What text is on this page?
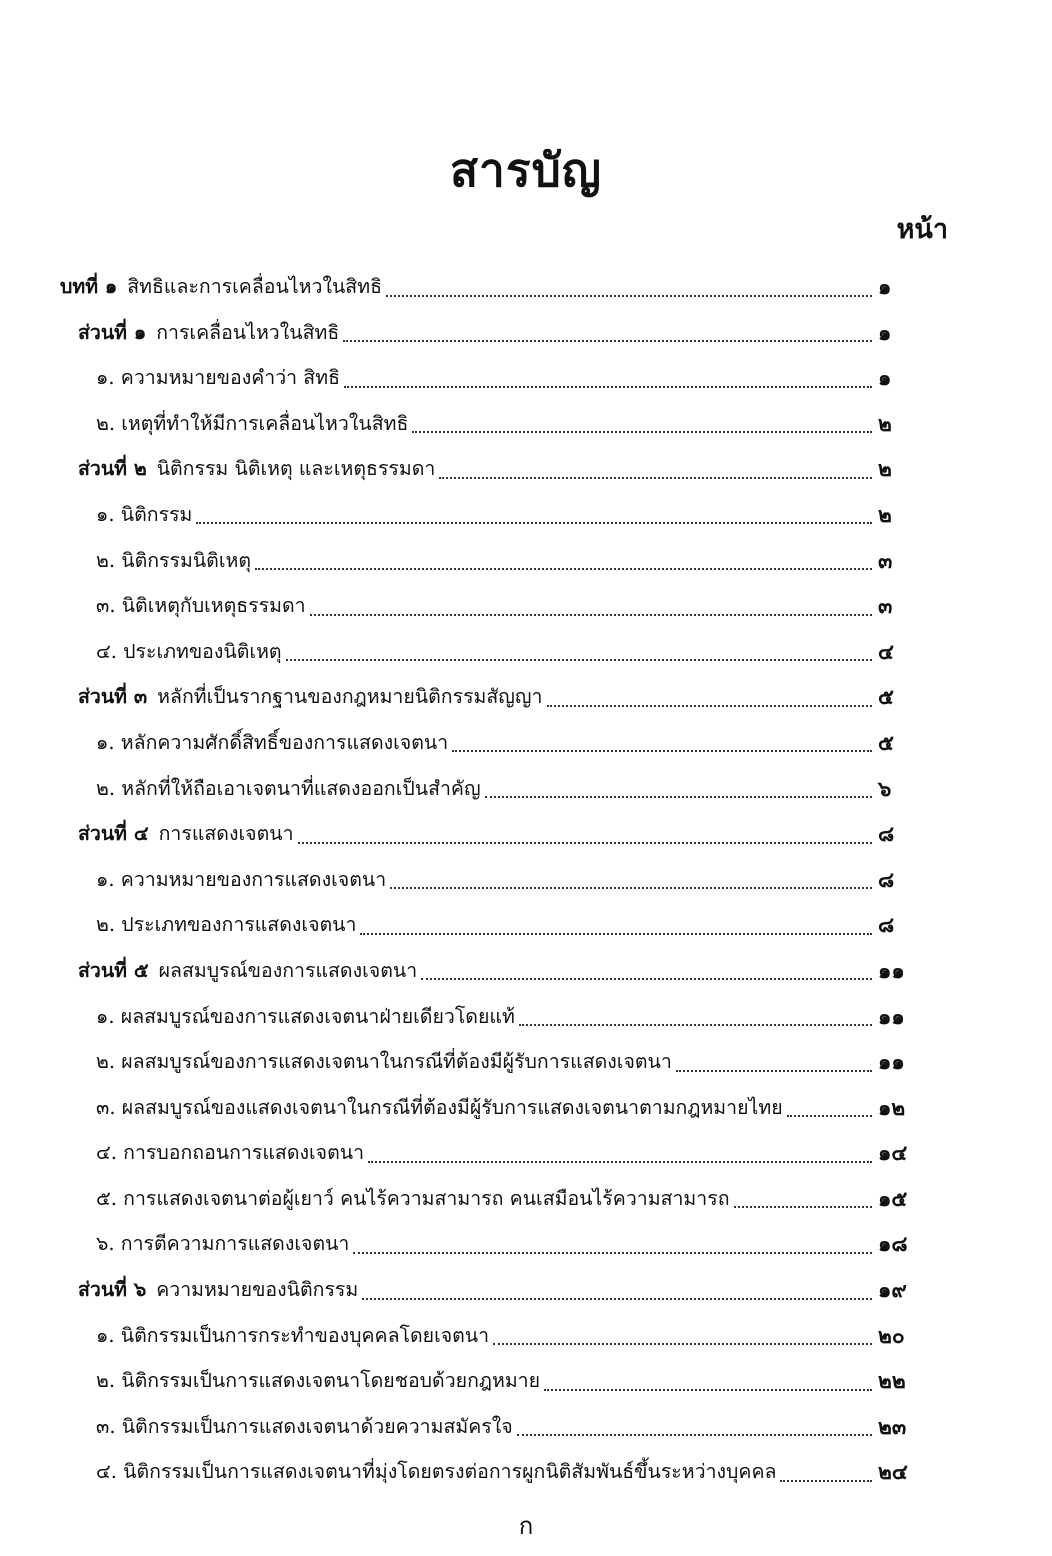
สารบัญ
หน้า
บทที่ ๑ สิทธิและการเคลื่อนไหวในสิทธิ	๑
ส่วนที่ ๑ การเคลื่อนไหวในสิทธิ	๑
๑. ความหมายของคำว่า สิทธิ	๑
๒. เหตุที่ทำให้มีการเคลื่อนไหวในสิทธิ	๒
ส่วนที่ ๒ นิติกรรม นิติเหตุ และเหตุธรรมดา	๒
๑. นิติกรรม	๒
๒. นิติกรรมนิติเหตุ	๓
๓. นิติเหตุกับเหตุธรรมดา	๓
๔. ประเภทของนิติเหตุ	๔
ส่วนที่ ๓ หลักที่เป็นรากฐานของกฎหมายนิติกรรมสัญญา	๕
๑. หลักความศักดิ์สิทธิ์ของการแสดงเจตนา	๕
๒. หลักที่ให้ถือเอาเจตนาที่แสดงออกเป็นสำคัญ	๖
ส่วนที่ ๔ การแสดงเจตนา	๘
๑. ความหมายของการแสดงเจตนา	๘
๒. ประเภทของการแสดงเจตนา	๘
ส่วนที่ ๕ ผลสมบูรณ์ของการแสดงเจตนา	๑๑
๑. ผลสมบูรณ์ของการแสดงเจตนาฝ่ายเดียวโดยแท้	๑๑
๒. ผลสมบูรณ์ของการแสดงเจตนาในกรณีที่ต้องมีผู้รับการแสดงเจตนา	๑๑
๓. ผลสมบูรณ์ของแสดงเจตนาในกรณีที่ต้องมีผู้รับการแสดงเจตนาตามกฎหมายไทย	๑๒
๔. การบอกถอนการแสดงเจตนา	๑๔
๕. การแสดงเจตนาต่อผู้เยาว์ คนไร้ความสามารถ คนเสมือนไร้ความสามารถ	๑๕
๖. การตีความการแสดงเจตนา	๑๘
ส่วนที่ ๖ ความหมายของนิติกรรม	๑๙
๑. นิติกรรมเป็นการกระทำของบุคคลโดยเจตนา	๒๐
๒. นิติกรรมเป็นการแสดงเจตนาโดยชอบด้วยกฎหมาย	๒๒
๓. นิติกรรมเป็นการแสดงเจตนาด้วยความสมัครใจ	๒๓
๔. นิติกรรมเป็นการแสดงเจตนาที่มุ่งโดยตรงต่อการผูกนิติสัมพันธ์ขึ้นระหว่างบุคคล	๒๔
ก
